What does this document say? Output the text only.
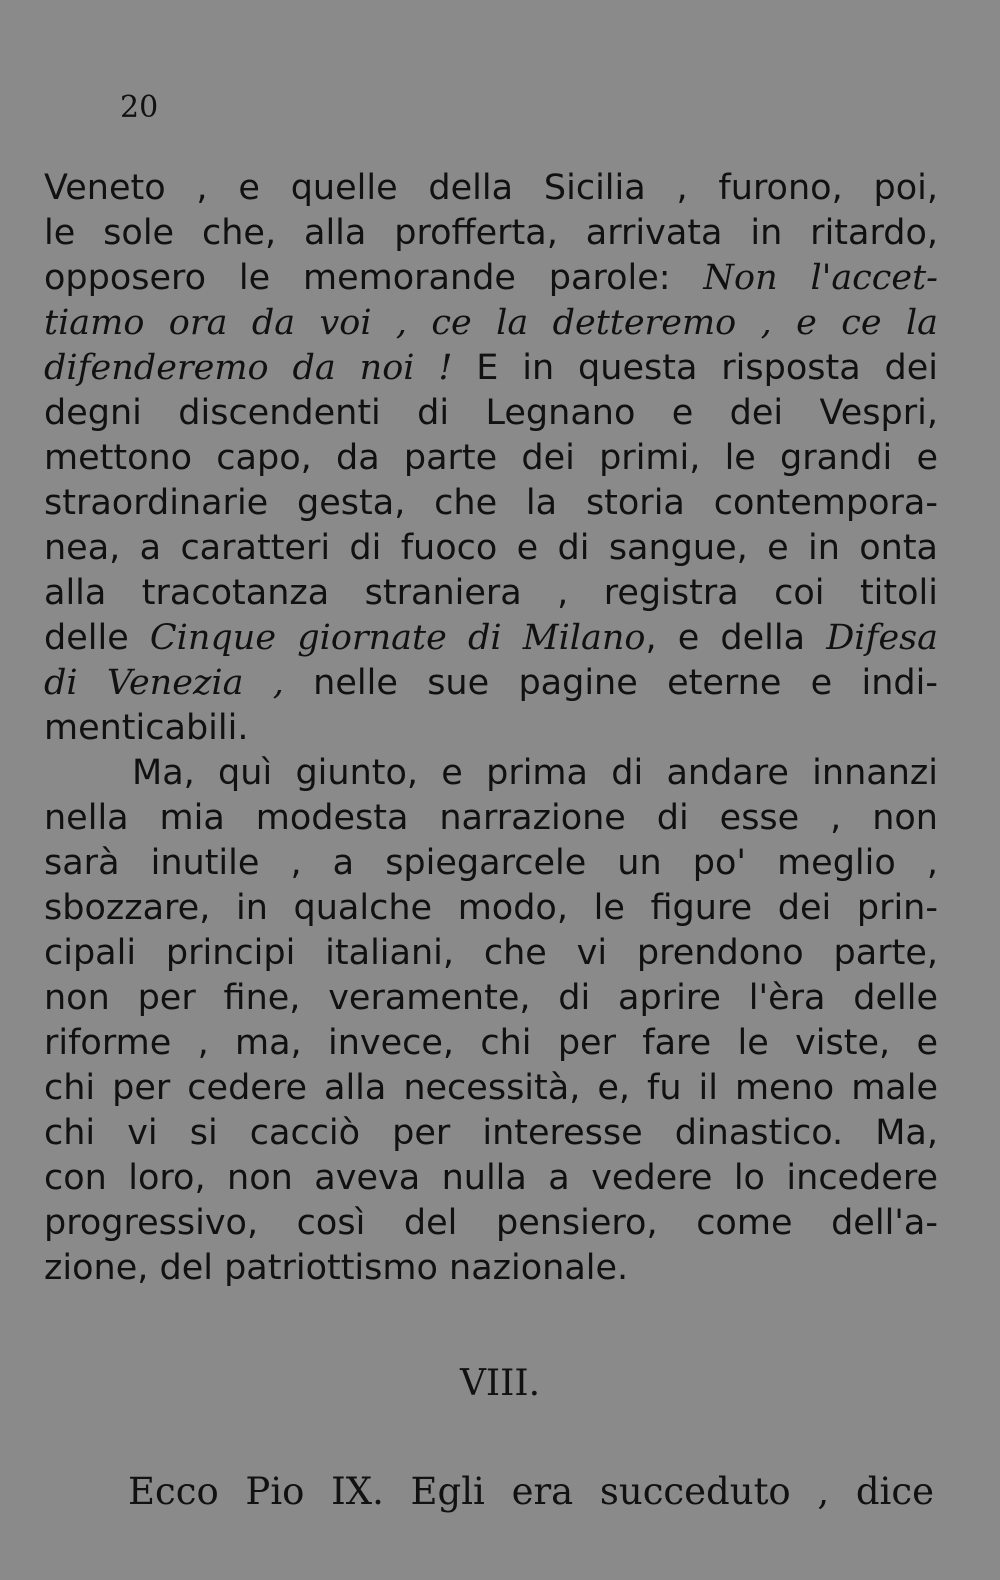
20
Veneto , e quelle della Sicilia , furono, poi,
le sole che, alla profferta, arrivata in ritardo,
opposero le memorande parole: Non l'accet-
tiamo ora da voi , ce la detteremo , e ce la
difenderemo da noi ! E in questa risposta dei
degni discendenti di Legnano e dei Vespri,
mettono capo, da parte dei primi, le grandi e
straordinarie gesta, che la storia contempora-
nea, a caratteri di fuoco e di sangue, e in onta
alla tracotanza straniera , registra coi titoli
delle Cinque giornate di Milano, e della Difesa
di Venezia , nelle sue pagine eterne e indi-
menticabili.
Ma, quì giunto, e prima di andare innanzi
nella mia modesta narrazione di esse , non
sarà inutile , a spiegarcele un po' meglio ,
sbozzare, in qualche modo, le figure dei prin-
cipali principi italiani, che vi prendono parte,
non per fine, veramente, di aprire l'èra delle
riforme , ma, invece, chi per fare le viste, e
chi per cedere alla necessità, e, fu il meno male
chi vi si cacciò per interesse dinastico. Ma,
con loro, non aveva nulla a vedere lo incedere
progressivo, così del pensiero, come dell'a-
zione, del patriottismo nazionale.
VIII.
Ecco Pio IX. Egli era succeduto , dice
